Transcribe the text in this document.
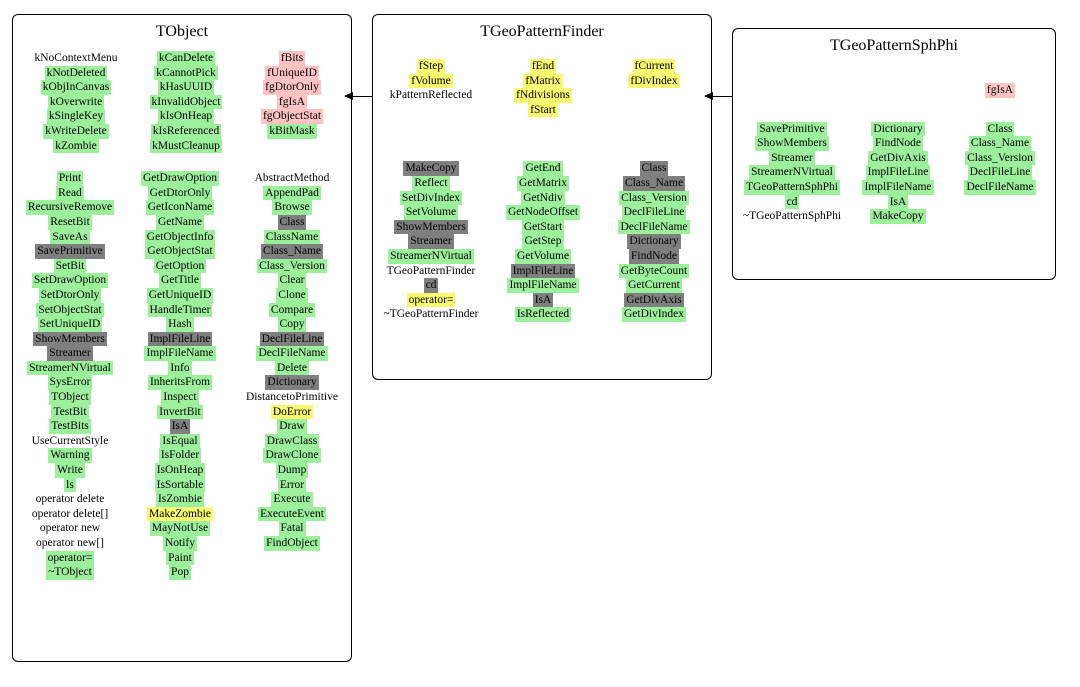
TObject
kNoContextMenu
kNotDeleted
kObjInCanvas
kOverwrite
kSingleKey
kWriteDelete
kZombie
kCanDelete
kCannotPick
kHasUUID
kInvalidObject
kIsOnHeap
kIsReferenced
kMustCleanup
fBits
fUniqueID
fgDtorOnly
fgIsA
fgObjectStat
kBitMask
Print
Read
RecursiveRemove
ResetBit
SaveAs
SavePrimitive
SetBit
SetDrawOption
SetDtorOnly
SetObjectStat
SetUniqueID
ShowMembers
Streamer
StreamerNVirtual
SysError
TObject
TestBit
TestBits
UseCurrentStyle
Warning
Write
ls
operator delete
operator delete[]
operator new
operator new[]
operator=
~TObject
GetDrawOption
GetDtorOnly
GetIconName
GetName
GetObjectInfo
GetObjectStat
GetOption
GetTitle
GetUniqueID
HandleTimer
Hash
ImplFileLine
ImplFileName
Info
InheritsFrom
Inspect
InvertBit
IsA
IsEqual
IsFolder
IsOnHeap
IsSortable
IsZombie
MakeZombie
MayNotUse
Notify
Paint
Pop
AbstractMethod
AppendPad
Browse
Class
ClassName
Class_Name
Class_Version
Clear
Clone
Compare
Copy
DeclFileLine
DeclFileName
Delete
Dictionary
DistancetoPrimitive
DoError
Draw
DrawClass
DrawClone
Dump
Error
Execute
ExecuteEvent
Fatal
FindObject
TGeoPatternFinder
fStep
fVolume
kPatternReflected
fEnd
fMatrix
fNdivisions
fStart
fCurrent
fDivIndex
MakeCopy
Reflect
SetDivIndex
SetVolume
ShowMembers
Streamer
StreamerNVirtual
TGeoPatternFinder
cd
operator=
~TGeoPatternFinder
GetEnd
GetMatrix
GetNdiv
GetNodeOffset
GetStart
GetStep
GetVolume
ImplFileLine
ImplFileName
IsA
IsReflected
Class
Class_Name
Class_Version
DeclFileLine
DeclFileName
Dictionary
FindNode
GetByteCount
GetCurrent
GetDivAxis
GetDivIndex
TGeoPatternSphPhi
fgIsA
SavePrimitive
ShowMembers
Streamer
StreamerNVirtual
TGeoPatternSphPhi
cd
~TGeoPatternSphPhi
Dictionary
FindNode
GetDivAxis
ImplFileLine
ImplFileName
IsA
MakeCopy
Class
Class_Name
Class_Version
DeclFileLine
DeclFileName
